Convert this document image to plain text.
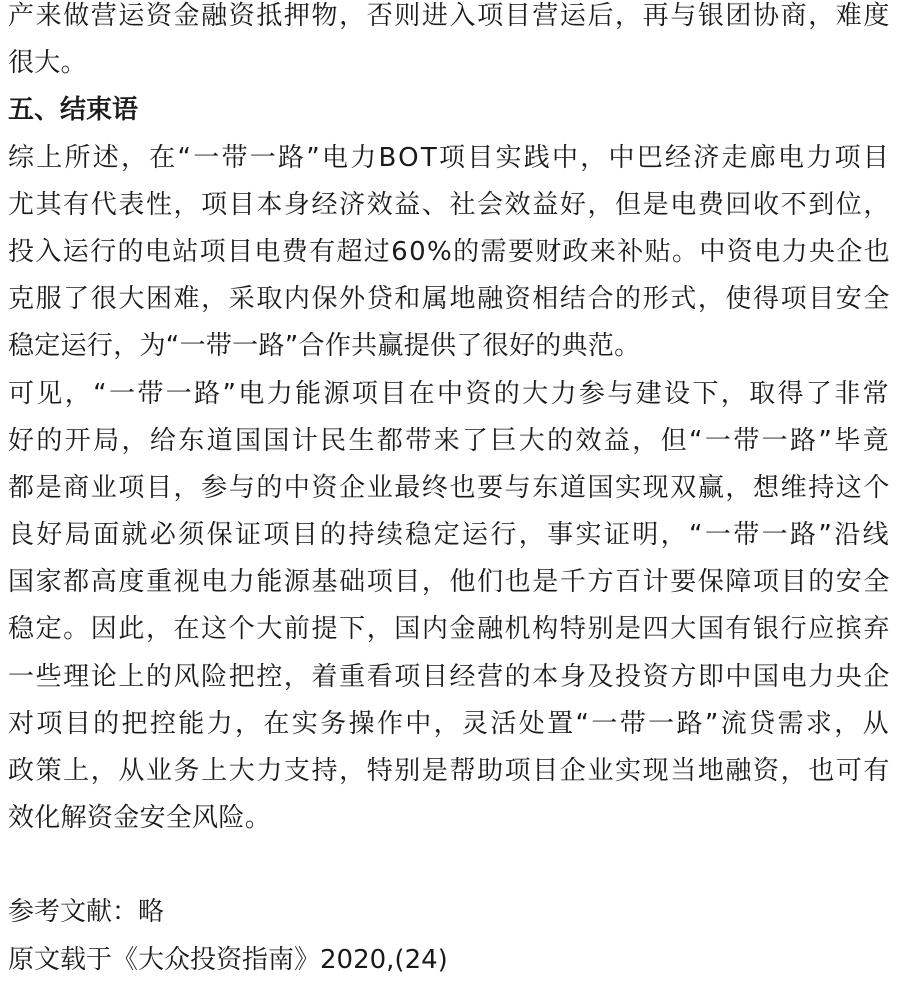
产来做营运资金融资抵押物，否则进入项目营运后，再与银团协商，难度
很大。
五、结束语
综上所述，在“一带一路”电力BOT项目实践中，中巴经济走廊电力项目
尤其有代表性，项目本身经济效益、社会效益好，但是电费回收不到位，
投入运行的电站项目电费有超过60%的需要财政来补贴。中资电力央企也
克服了很大困难，采取内保外贷和属地融资相结合的形式，使得项目安全
稳定运行，为“一带一路”合作共赢提供了很好的典范。
可见，“一带一路”电力能源项目在中资的大力参与建设下，取得了非常
好的开局，给东道国国计民生都带来了巨大的效益，但“一带一路”毕竟
都是商业项目，参与的中资企业最终也要与东道国实现双赢，想维持这个
良好局面就必须保证项目的持续稳定运行，事实证明，“一带一路”沿线
国家都高度重视电力能源基础项目，他们也是千方百计要保障项目的安全
稳定。因此，在这个大前提下，国内金融机构特别是四大国有银行应摈弃
一些理论上的风险把控，着重看项目经营的本身及投资方即中国电力央企
对项目的把控能力，在实务操作中，灵活处置“一带一路”流贷需求，从
政策上，从业务上大力支持，特别是帮助项目企业实现当地融资，也可有
效化解资金安全风险。

参考文献：略

原文载于《大众投资指南》2020,(24)
